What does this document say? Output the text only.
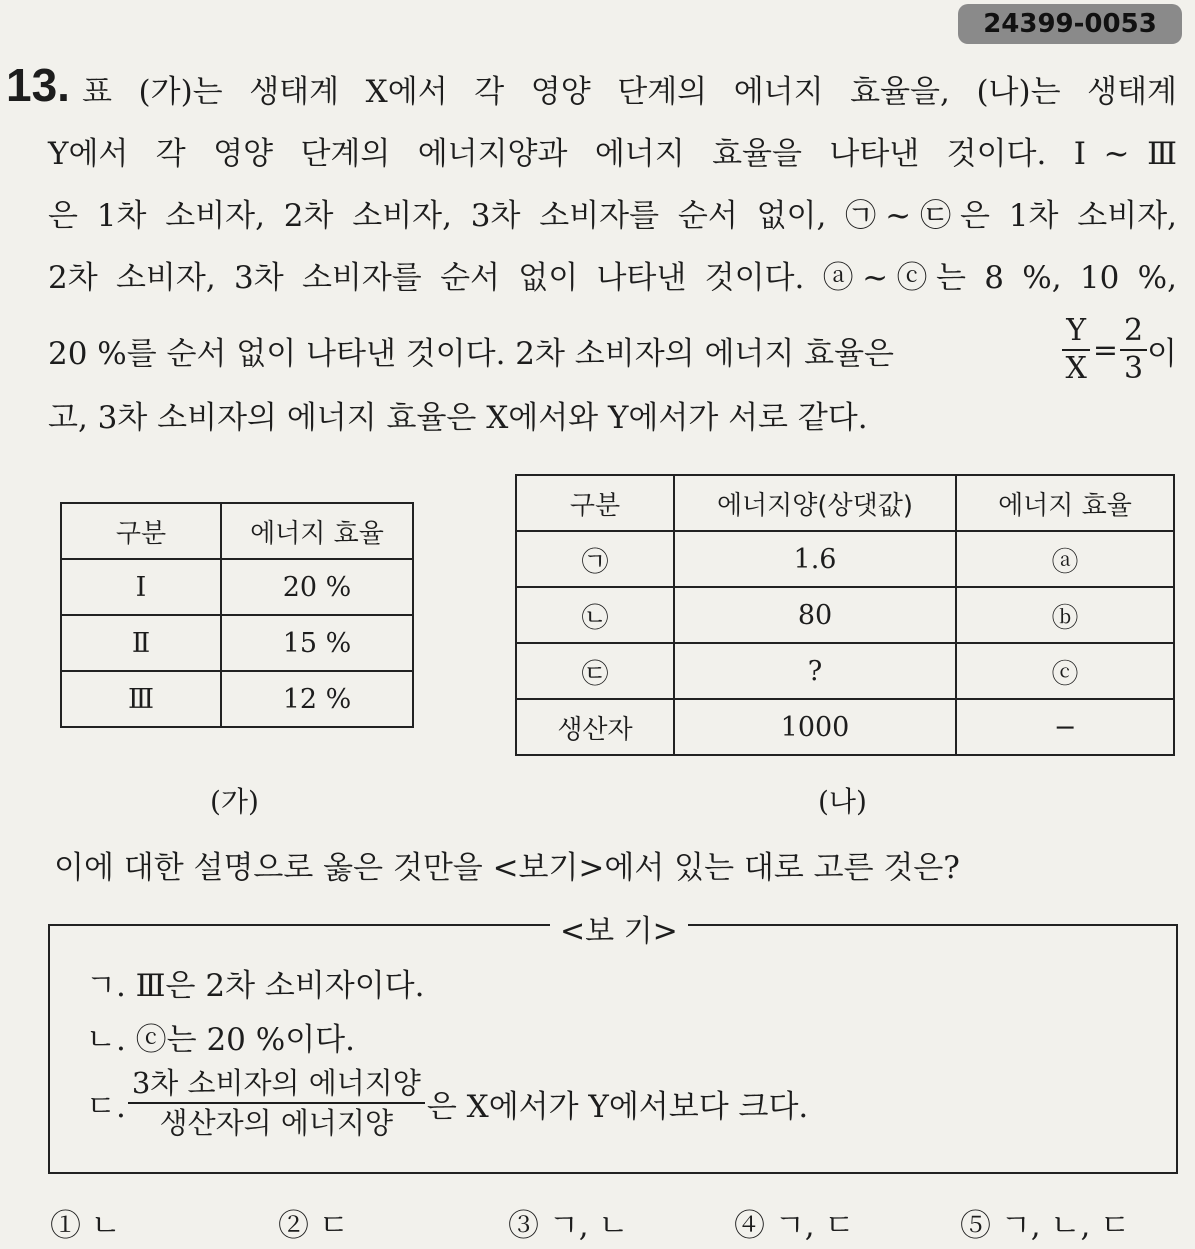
24399-0053
13. 표 (가)는 생태계 X에서 각 영양 단계의 에너지 효율을, (나)는 생태계
Y에서 각 영양 단계의 에너지양과 에너지 효율을 나타낸 것이다. Ⅰ~Ⅲ
은 1차 소비자, 2차 소비자, 3차 소비자를 순서 없이, ㉠~㉢은 1차 소비자,
2차 소비자, 3차 소비자를 순서 없이 나타낸 것이다. ⓐ~ⓒ는 8 %, 10 %,
20 %를 순서 없이 나타낸 것이다. 2차 소비자의 에너지 효율은	$\frac{Y}{X} = \frac{2}{3}$ 이
고, 3차 소비자의 에너지 효율은 X에서와 Y에서가 서로 같다.
구분	에너지 효율
Ⅰ	20 %
Ⅱ	15 %
Ⅲ	12 %
(가)
구분	에너지양(상댓값)	에너지 효율
㉠	1.6	ⓐ
㉡	80	ⓑ
㉢	?	ⓒ
생산자	1000	−
(나)
이에 대한 설명으로 옳은 것만을 <보기>에서 있는 대로 고른 것은?
<보 기>
ㄱ. Ⅲ은 2차 소비자이다.
ㄴ. ⓒ는 20 %이다.
ㄷ. $\frac{\text{3차 소비자의 에너지양}}{\text{생산자의 에너지양}}$ 은 X에서가 Y에서보다 크다.
① ㄴ	② ㄷ	③ ㄱ, ㄴ	④ ㄱ, ㄷ	⑤ ㄱ, ㄴ, ㄷ
